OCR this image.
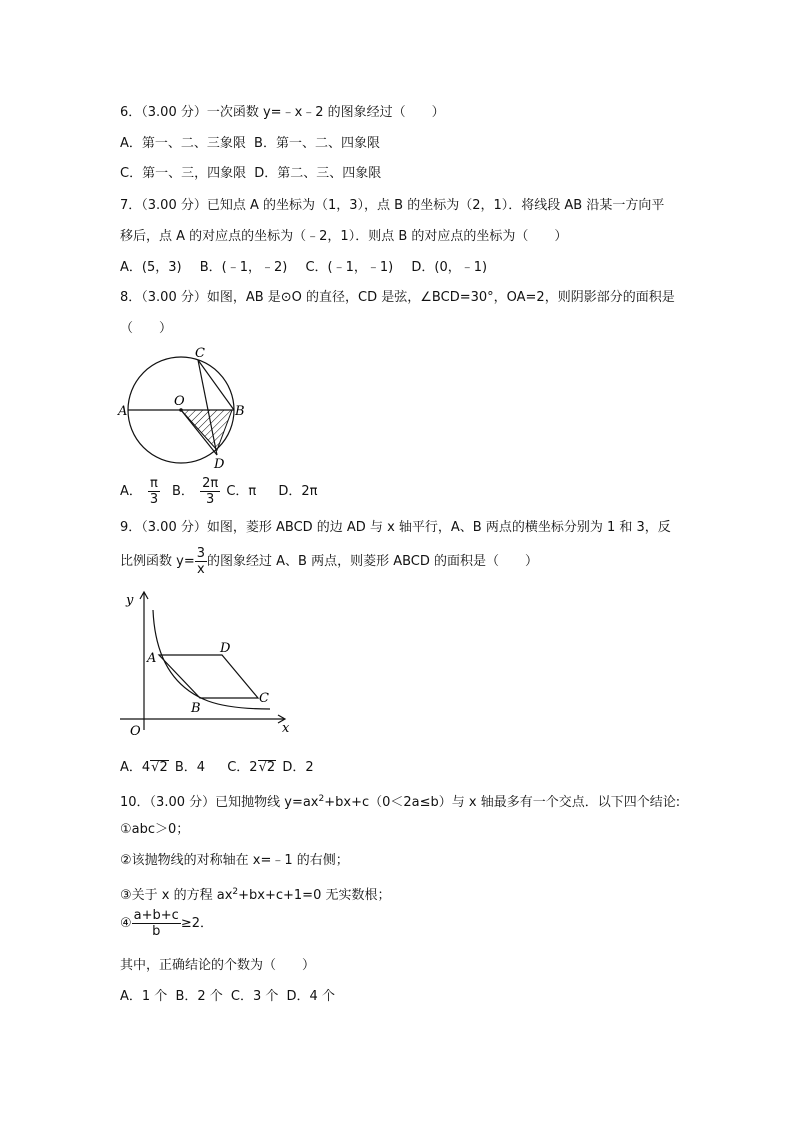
6．（3.00 分）一次函数 y=﹣x﹣2 的图象经过（　　）
A．第一、二、三象限 B．第一、二、四象限
C．第一、三，四象限 D．第二、三、四象限
7．（3.00 分）已知点 A 的坐标为（1，3），点 B 的坐标为（2，1）．将线段 AB 沿某一方向平
移后，点 A 的对应点的坐标为（﹣2，1）．则点 B 的对应点的坐标为（　　）
A．(5，3) B．(﹣1，﹣2) C．(﹣1，﹣1) D．(0，﹣1)
8．（3.00 分）如图，AB 是⊙O 的直径，CD 是弦，∠BCD=30°，OA=2，则阴影部分的面积是
（　　）
C
O
A	B
D
A． $\frac{\pi}{3}$ B． $\frac{2\pi}{3}$ C．π D．2π
9．（3.00 分）如图，菱形 ABCD 的边 AD 与 x 轴平行，A、B 两点的横坐标分别为 1 和 3，反
比例函数 $y= \frac{3}{x}$ 的图象经过 A、B 两点，则菱形 ABCD 的面积是（　　）
y
x
O
A
D
B
C
A．4√2 B．4 C．2√2 D．2
10．（3.00 分）已知抛物线 $y=ax^2+bx+c(0<2a\le b)$与 x 轴最多有一个交点．以下四个结论:
①abc＞0；
②该抛物线的对称轴在 x=﹣1 的右侧；
③关于 x 的方程 $ax^2+bx+c+1=0$ 无实数根；
④ $\frac{a+b+c}{b} \ge 2$．
其中，正确结论的个数为（　　）
A．1 个 B．2 个 C．3 个 D．4 个
